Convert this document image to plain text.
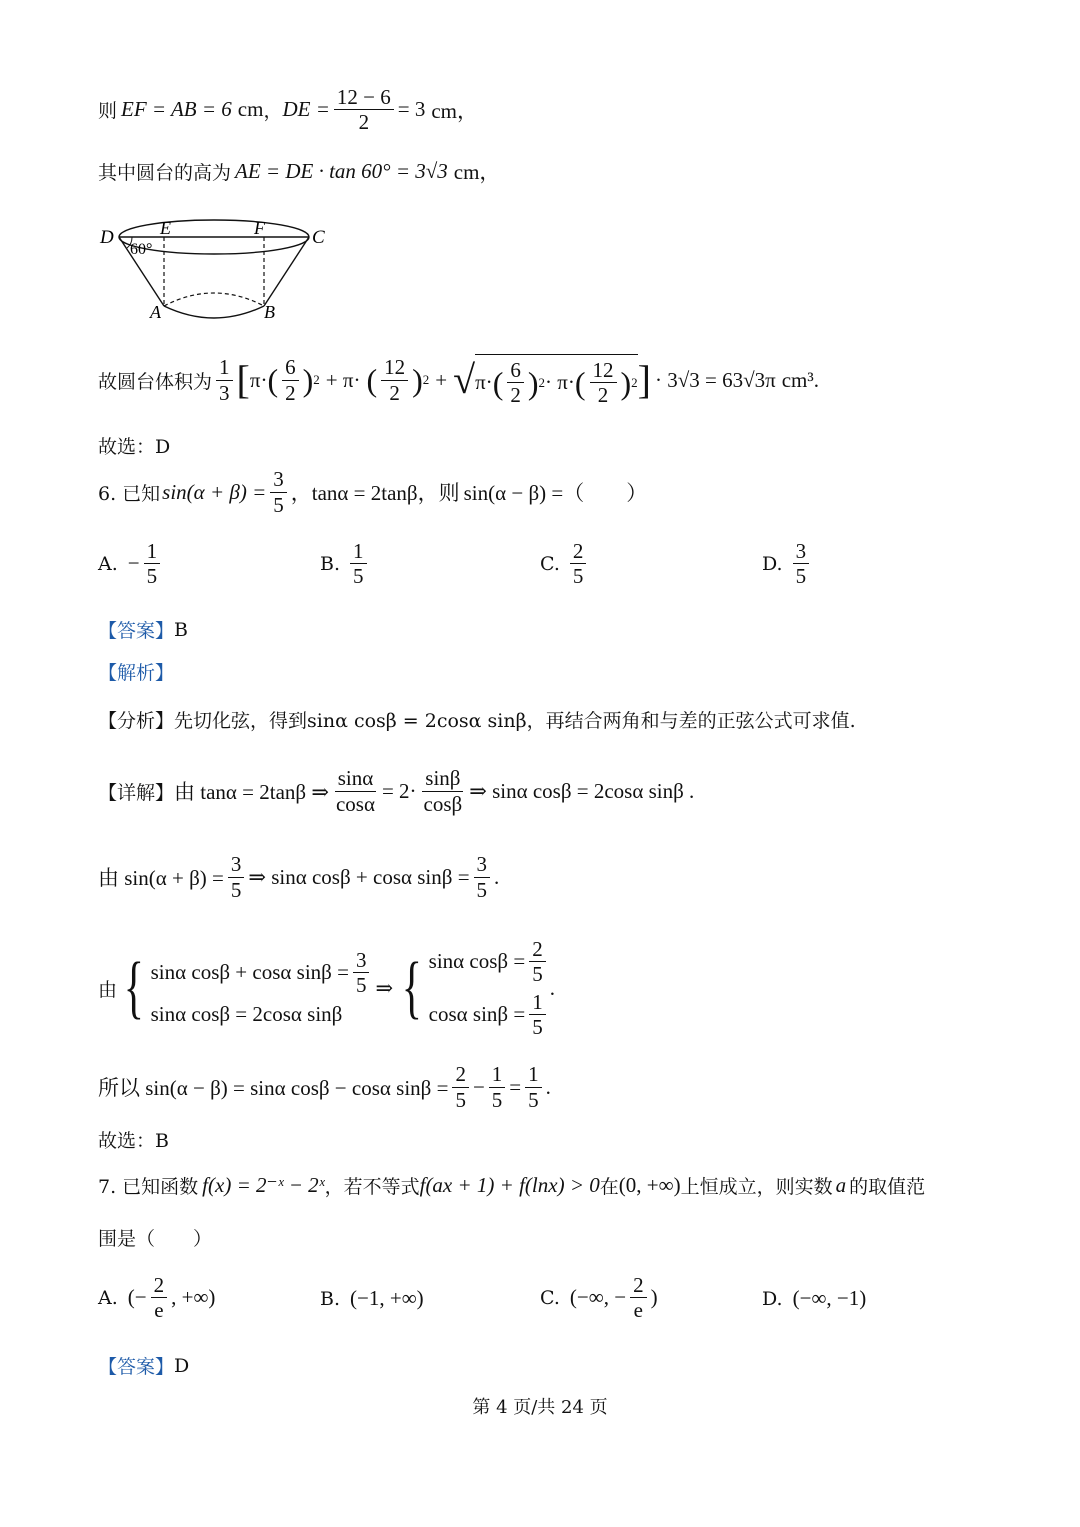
则 EF = AB = 6 cm ， DE = $\frac{12 - 6}{2} = 3$ cm，
其中圆台的高为 AE = DE · tan 60° = 3√3 cm，
D	E	F C
60°
A	B
故圆台体积为 $\frac{1}{3}$ [ π· ( $\frac{6}{2}$ ) 2 + π· ( $\frac{12}{2}$ ) 2 + √ π· ( $\frac{6}{2}$ ) 2 · π· ( $\frac{12}{2}$ ) 2 ] · 3√3 = 63√3π cm³ .
故选：D
6. 已知 $\sin(\alpha + \beta) = \frac{3}{5}$ ，tanα = 2tanβ，则 sin(α − β) =（　　）
A. − $\frac{1}{5}$	B. $\frac{1}{5}$	C. $\frac{2}{5}$	D. $\frac{3}{5}$
【答案】 B
【解析】
【分析】 先切化弦，得到sinα cosβ = 2cosα sinβ，再结合两角和与差的正弦公式可求值.
【详解】 由 tanα = 2tanβ ⇒ $\frac{\sin\alpha}{\cos\alpha} = 2\cdot \frac{\sin\beta}{\cos\beta}$ ⇒ sinα cosβ = 2cosα sinβ .
由 $\sin(\alpha + \beta) = \frac{3}{5}$ ⇒ sinα cosβ + cosα $\sin\beta = \frac{3}{5}$ .
由 { sinα cosβ + cosα $\sin\beta = \frac{3}{5}$
sinα cosβ = 2cosα sinβ
⇒ { sinα $\cos\beta = \frac{2}{5}$
cosα $\sin\beta = \frac{1}{5}$
.
所以 sin(α − β) = sinα cosβ − cosα $\sin\beta = \frac{2}{5} - \frac{1}{5} = \frac{1}{5}$ .
故选：B
7. 已知函数 f(x) = 2⁻ˣ − 2ˣ ，若不等式 f(ax + 1) + f(lnx) > 0 在 (0, +∞) 上恒成立，则实数 a 的取值范
围是（　　）
A. (− $\frac{2}{e}$ , +∞)	B. (−1, +∞)	C. (−∞, − $\frac{2}{e}$ )	D. (−∞, −1)
【答案】 D
第 4 页/共 24 页
